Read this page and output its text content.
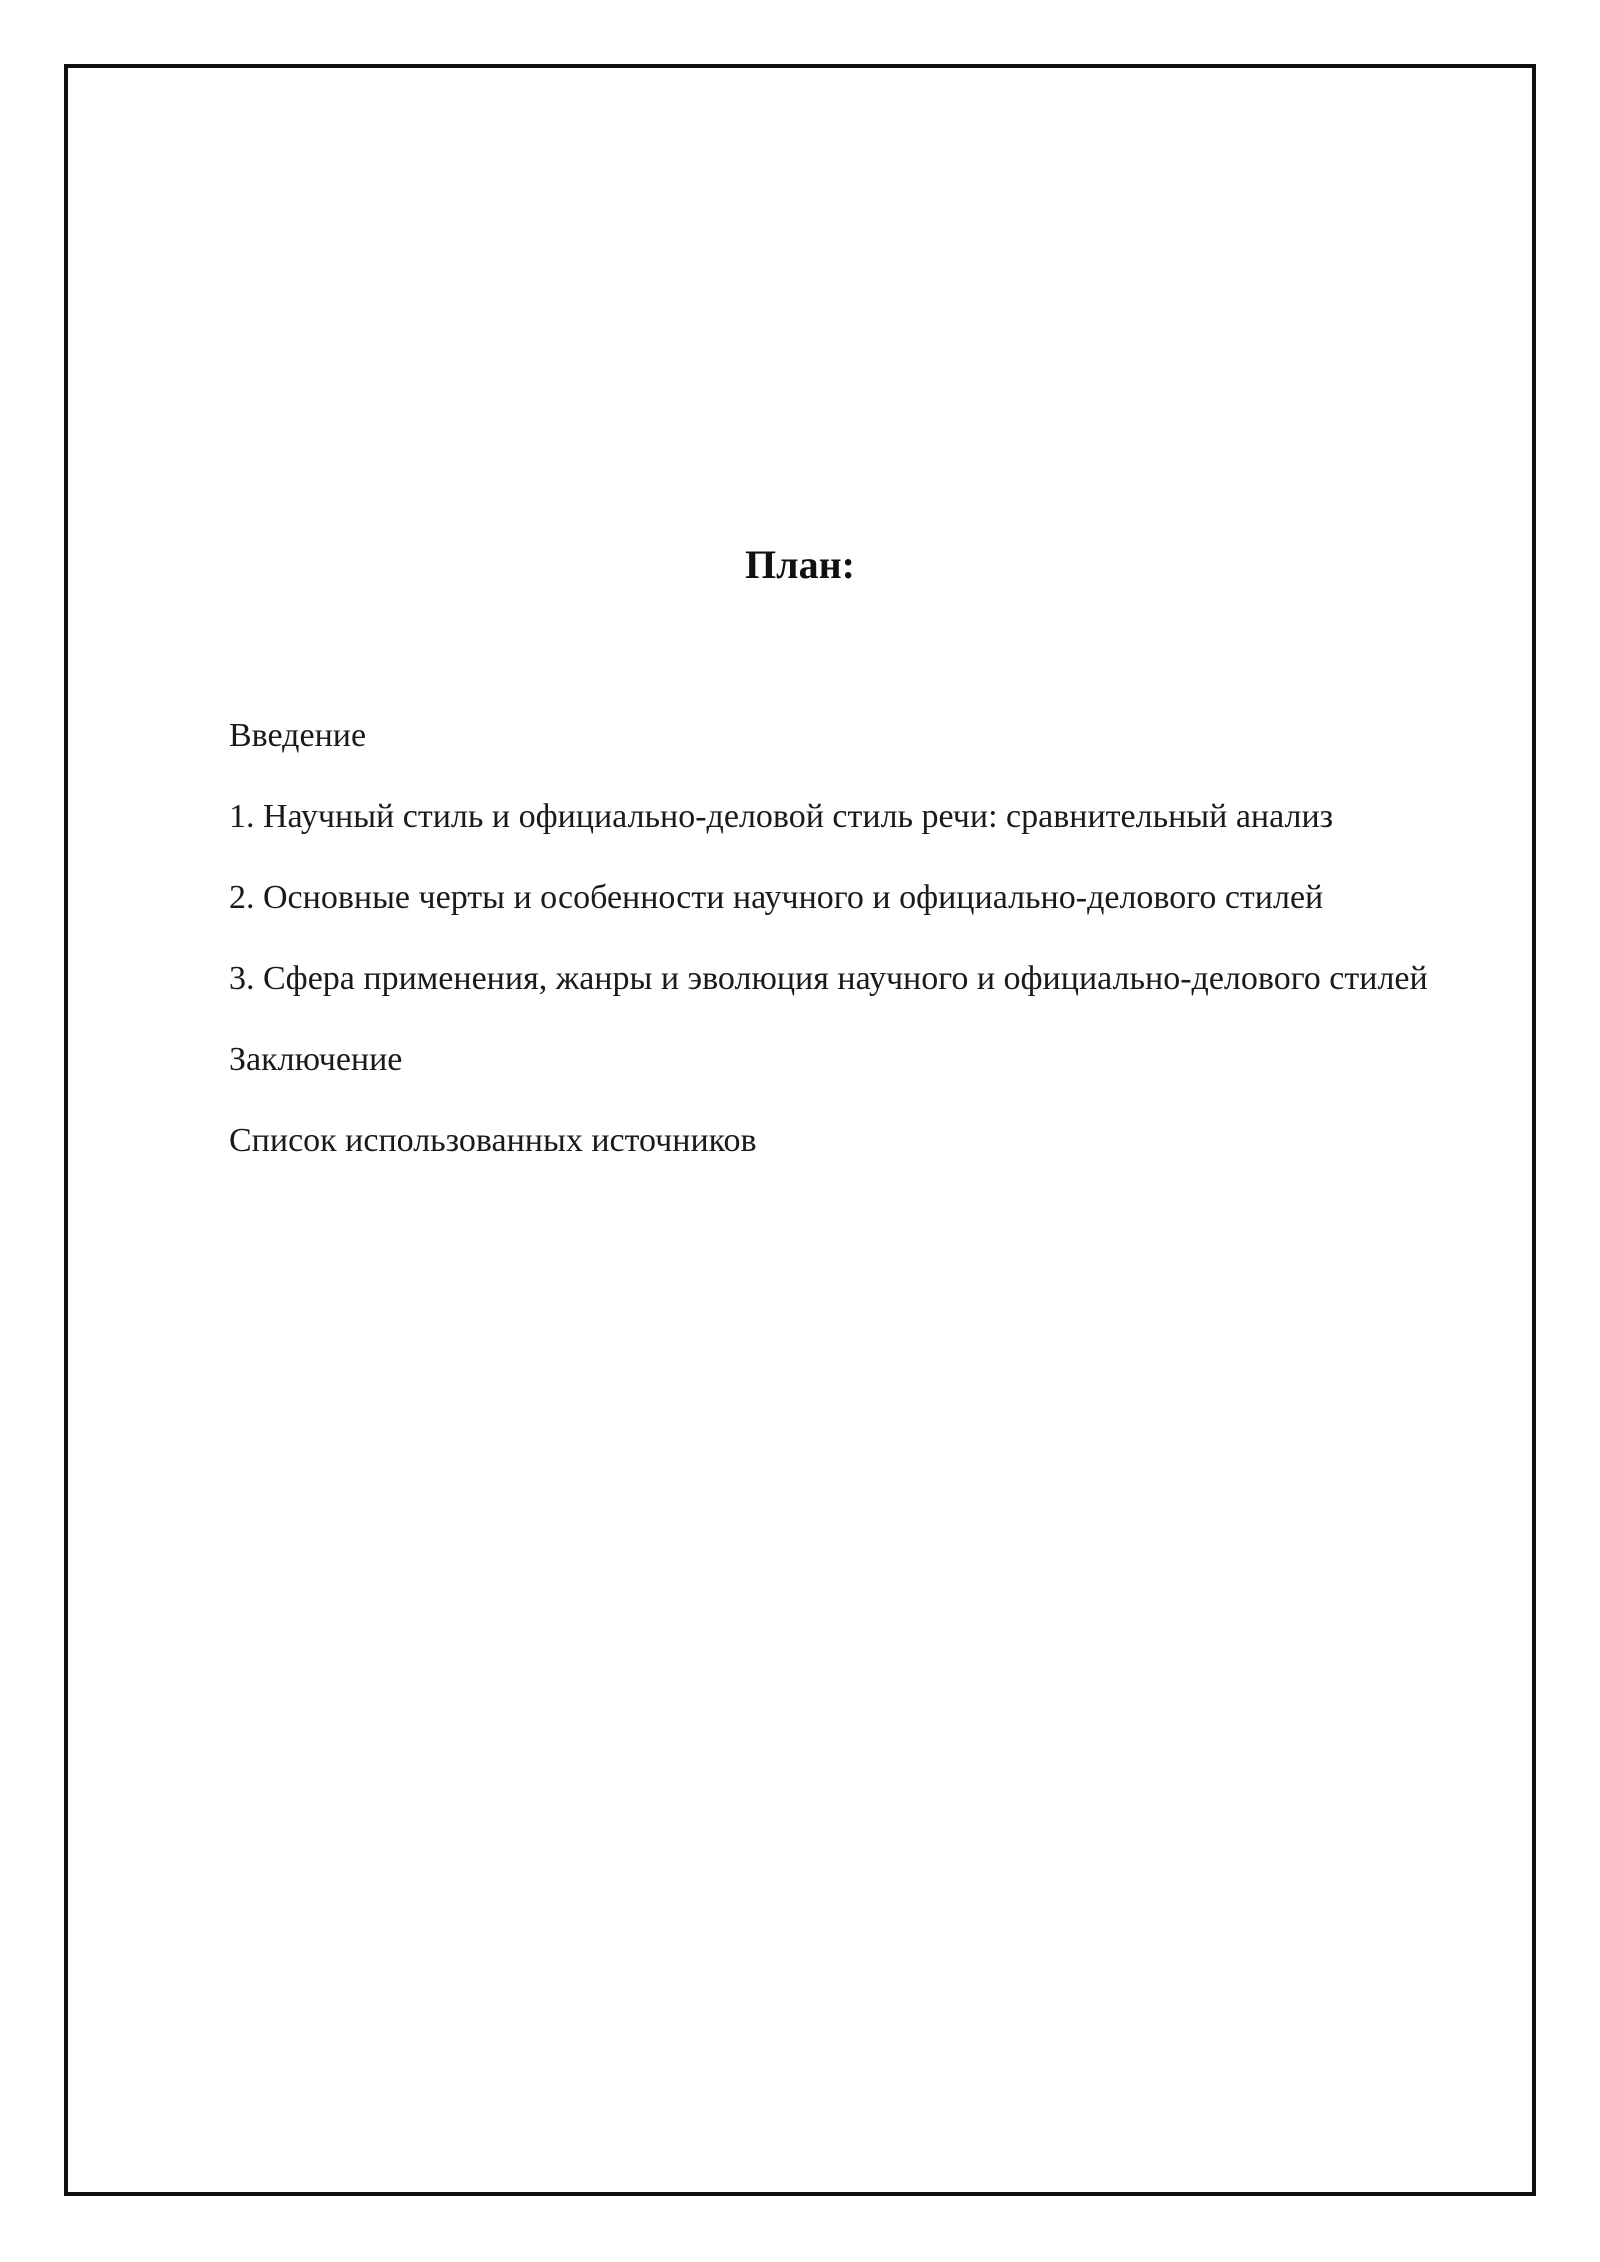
План:
Введение
1. Научный стиль и официально-деловой стиль речи: сравнительный анализ
2. Основные черты и особенности научного и официально-делового стилей
3. Сфера применения, жанры и эволюция научного и официально-делового стилей
Заключение
Список использованных источников
